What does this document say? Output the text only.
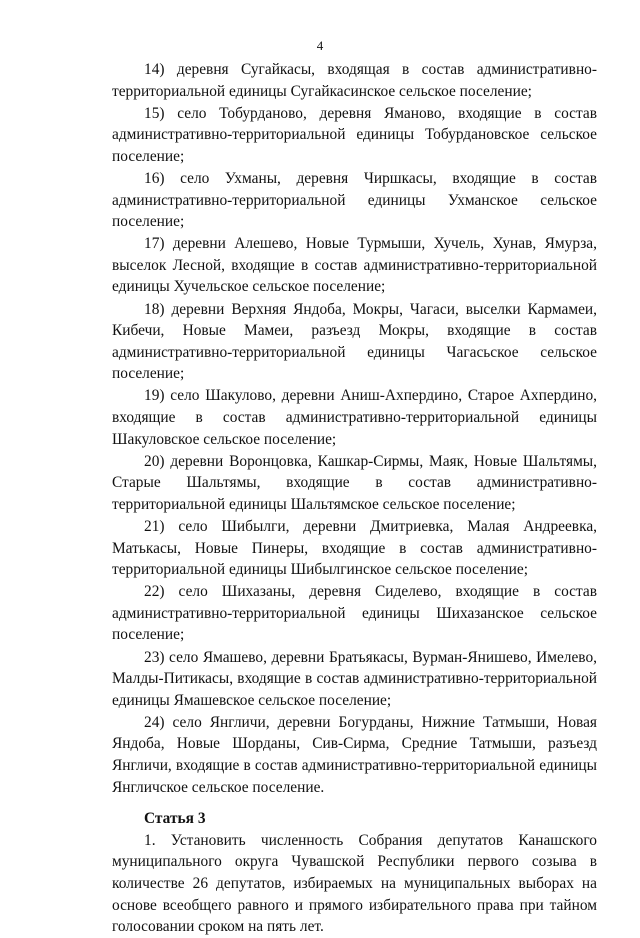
4

14) деревня Сугайкасы, входящая в состав административно-территориальной единицы Сугайкасинское сельское поселение;

15) село Тобурданово, деревня Яманово, входящие в состав административно-территориальной единицы Тобурдановское сельское поселение;

16) село Ухманы, деревня Чиршкасы, входящие в состав административно-территориальной единицы Ухманское сельское поселение;

17) деревни Алешево, Новые Турмыши, Хучель, Хунав, Ямурза, выселок Лесной, входящие в состав административно-территориальной единицы Хучельское сельское поселение;

18) деревни Верхняя Яндоба, Мокры, Чагаси, выселки Кармамеи, Кибечи, Новые Мамеи, разъезд Мокры, входящие в состав административно-территориальной единицы Чагасьское сельское поселение;

19) село Шакулово, деревни Аниш-Ахпердино, Старое Ахпердино, входящие в состав административно-территориальной единицы Шакуловское сельское поселение;

20) деревни Воронцовка, Кашкар-Сирмы, Маяк, Новые Шальтямы, Старые Шальтямы, входящие в состав административно-территориальной единицы Шальтямское сельское поселение;

21) село Шибылги, деревни Дмитриевка, Малая Андреевка, Матькасы, Новые Пинеры, входящие в состав административно-территориальной единицы Шибылгинское сельское поселение;

22) село Шихазаны, деревня Сиделево, входящие в состав административно-территориальной единицы Шихазанское сельское поселение;

23) село Ямашево, деревни Братьякасы, Вурман-Янишево, Имелево, Малды-Питикасы, входящие в состав административно-территориальной единицы Ямашевское сельское поселение;

24) село Янгличи, деревни Богурданы, Нижние Татмыши, Новая Яндоба, Новые Шорданы, Сив-Сирма, Средние Татмыши, разъезд Янгличи, входящие в состав административно-территориальной единицы Янгличское сельское поселение.

Статья 3

1. Установить численность Собрания депутатов Канашского муниципального округа Чувашской Республики первого созыва в количестве 26 депутатов, избираемых на муниципальных выборах на основе всеобщего равного и прямого избирательного права при тайном голосовании сроком на пять лет.
